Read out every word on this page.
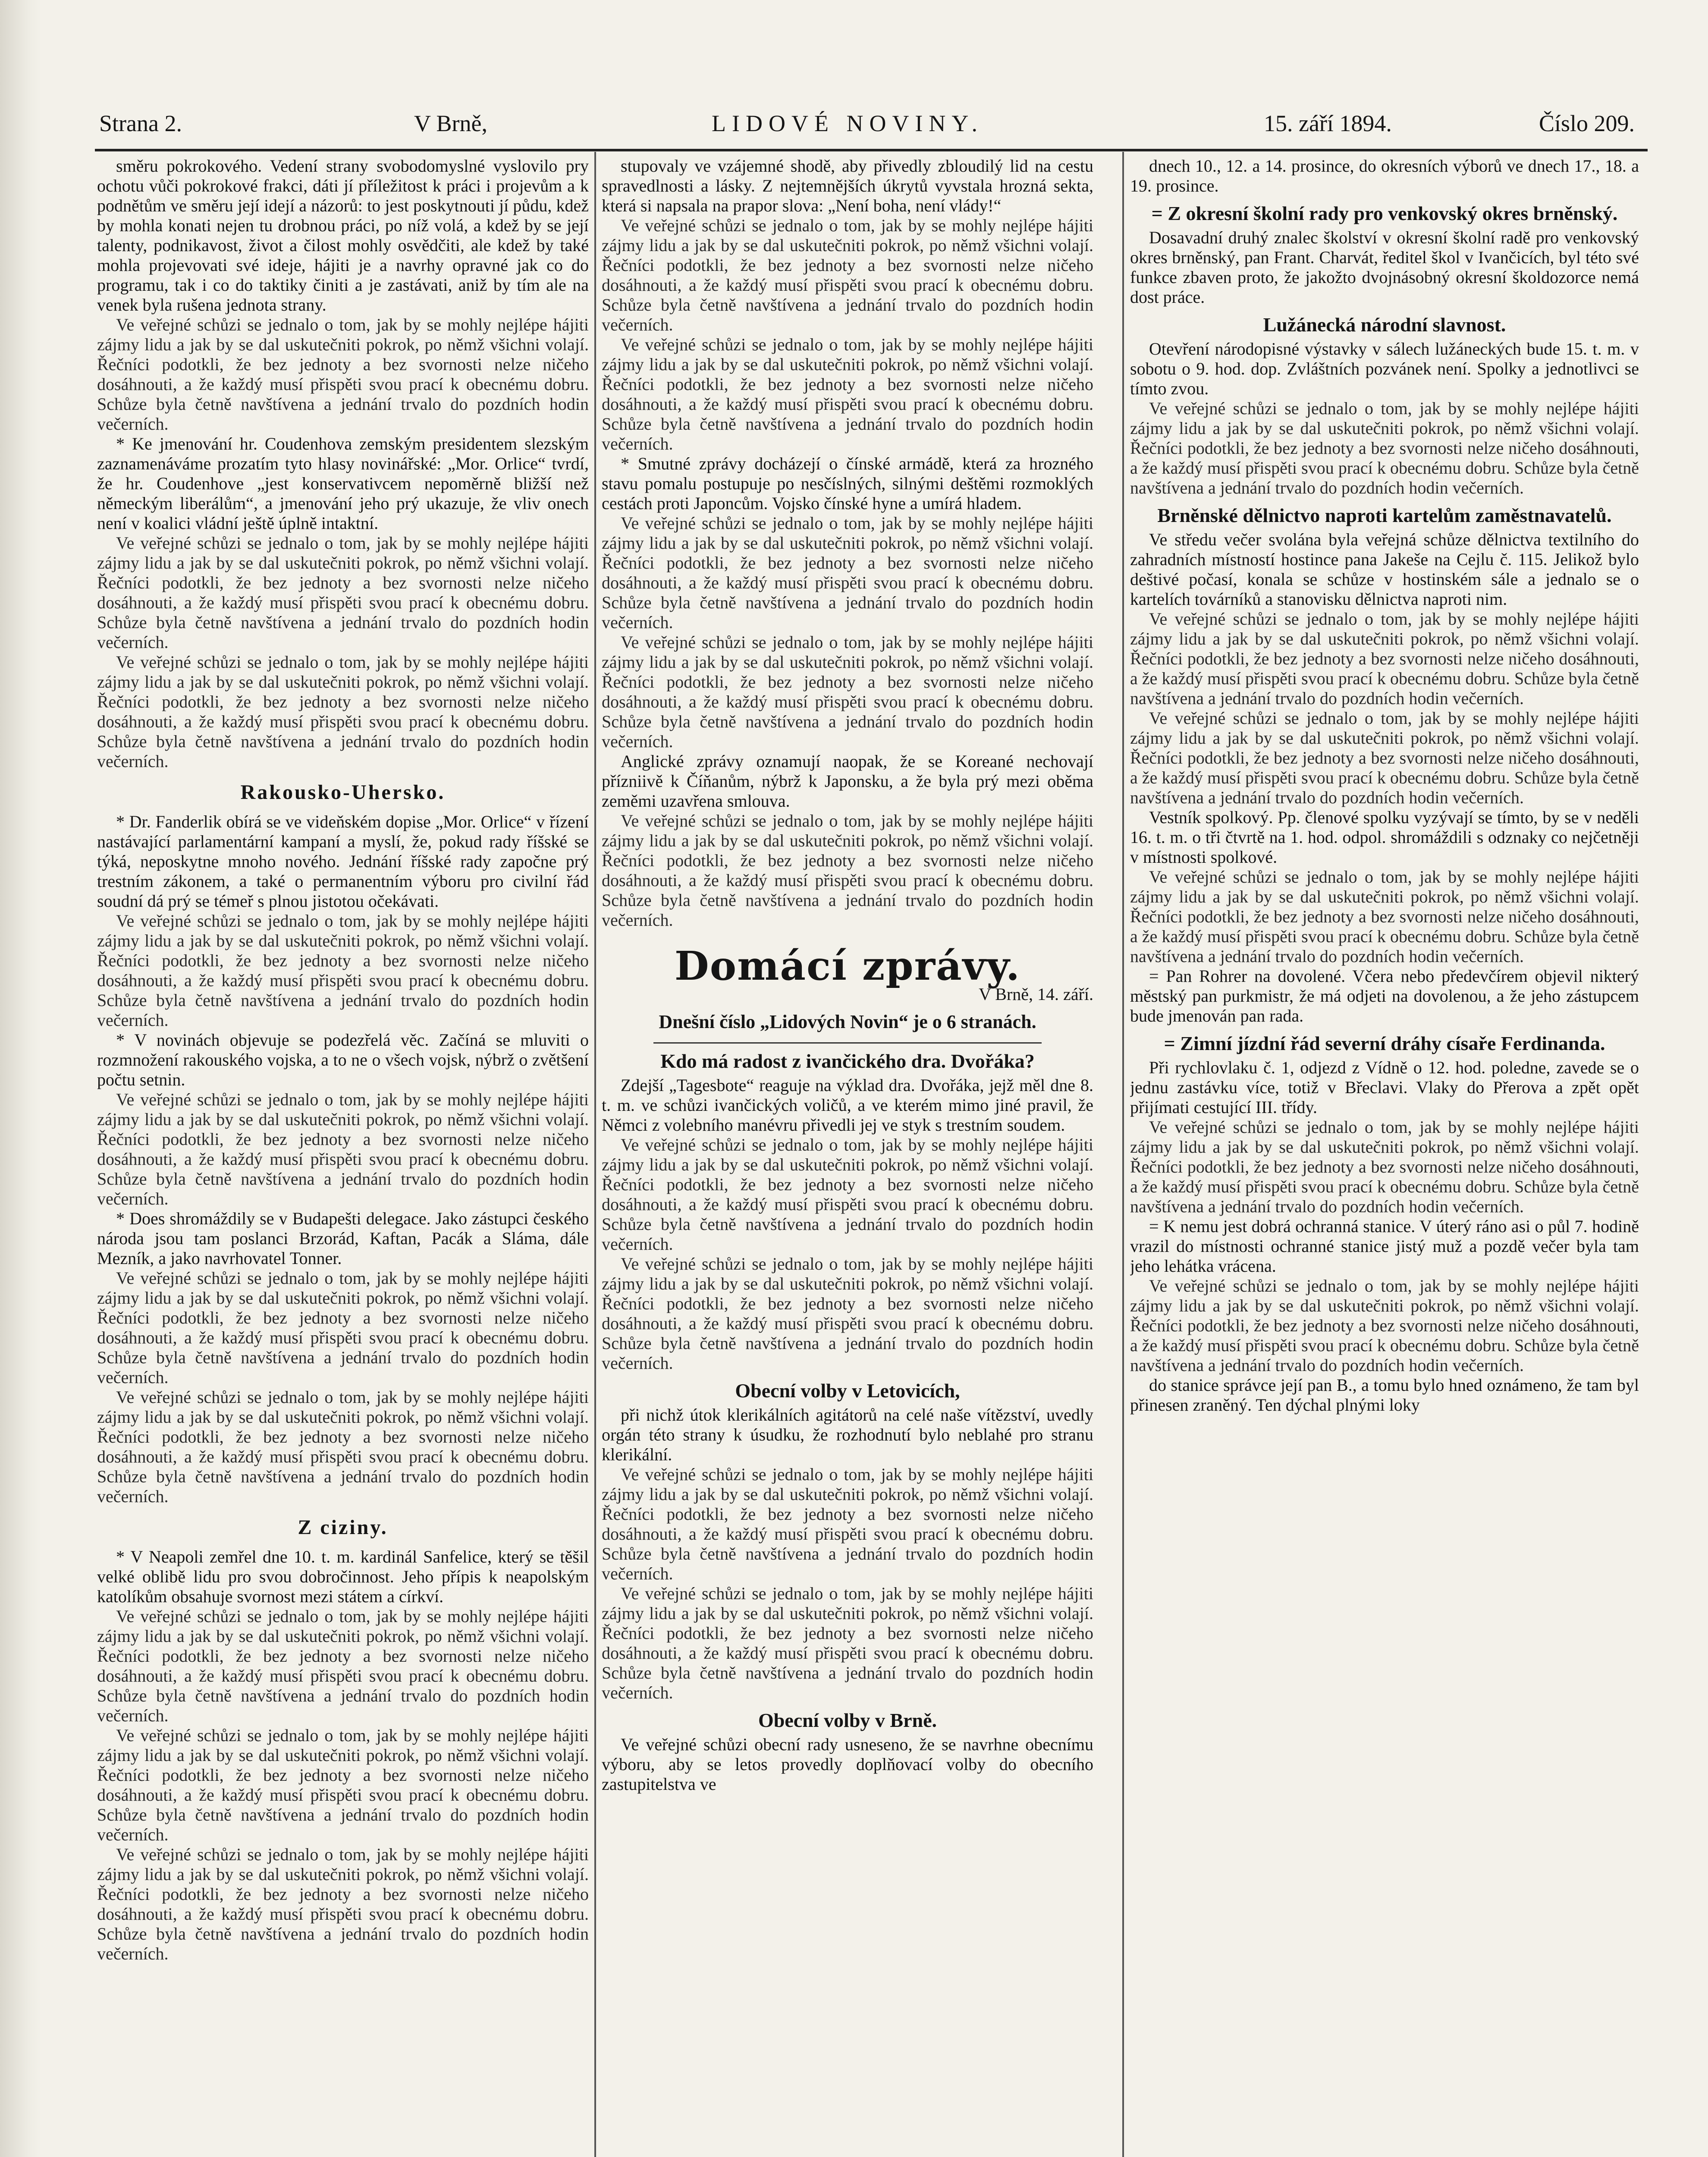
Strana 2.	V Brně,	LIDOVÉ NOVINY.	15. září 1894.	Číslo 209.

směru pokrokového. Vedení strany svobodomyslné vyslovilo pry ochotu vůči pokrokové frakci, dáti jí příležitost k práci i projevům a k podnětům ve směru její idejí a názorů: to jest poskytnouti jí půdu, kdež by mohla konati nejen tu drobnou práci, po níž volá, a kdež by se její talenty, podnikavost, život a čilost mohly osvědčiti, ale kdež by také mohla projevovati své ideje, hájiti je a navrhy opravné jak co do programu, tak i co do taktiky činiti a je zastávati, aniž by tím ale na venek byla rušena jednota strany.

Ve veřejné schůzi se jednalo o tom, jak by se mohly nejlépe hájiti zájmy lidu a jak by se dal uskutečniti pokrok, po němž všichni volají. Řečníci podotkli, že bez jednoty a bez svornosti nelze ničeho dosáhnouti, a že každý musí přispěti svou prací k obecnému dobru. Schůze byla četně navštívena a jednání trvalo do pozdních hodin večerních.

* Ke jmenování hr. Coudenhova zemským presidentem slezským zaznamenáváme prozatím tyto hlasy novinářské: „Mor. Orlice“ tvrdí, že hr. Coudenhove „jest konservativcem nepoměrně bližší než německým liberálům“, a jmenování jeho prý ukazuje, že vliv onech není v koalici vládní ještě úplně intaktní.

Ve veřejné schůzi se jednalo o tom, jak by se mohly nejlépe hájiti zájmy lidu a jak by se dal uskutečniti pokrok, po němž všichni volají. Řečníci podotkli, že bez jednoty a bez svornosti nelze ničeho dosáhnouti, a že každý musí přispěti svou prací k obecnému dobru. Schůze byla četně navštívena a jednání trvalo do pozdních hodin večerních.

Ve veřejné schůzi se jednalo o tom, jak by se mohly nejlépe hájiti zájmy lidu a jak by se dal uskutečniti pokrok, po němž všichni volají. Řečníci podotkli, že bez jednoty a bez svornosti nelze ničeho dosáhnouti, a že každý musí přispěti svou prací k obecnému dobru. Schůze byla četně navštívena a jednání trvalo do pozdních hodin večerních.

Rakousko-Uhersko.

* Dr. Fanderlik obírá se ve videňském dopise „Mor. Orlice“ v řízení nastávající parlamentární kampaní a myslí, že, pokud rady říšské se týká, neposkytne mnoho nového. Jednání říšské rady započne prý trestním zákonem, a také o permanentním výboru pro civilní řád soudní dá prý se témeř s plnou jistotou očekávati.

Ve veřejné schůzi se jednalo o tom, jak by se mohly nejlépe hájiti zájmy lidu a jak by se dal uskutečniti pokrok, po němž všichni volají. Řečníci podotkli, že bez jednoty a bez svornosti nelze ničeho dosáhnouti, a že každý musí přispěti svou prací k obecnému dobru. Schůze byla četně navštívena a jednání trvalo do pozdních hodin večerních.

* V novinách objevuje se podezřelá věc. Začíná se mluviti o rozmnožení rakouského vojska, a to ne o všech vojsk, nýbrž o zvětšení počtu setnin.

Ve veřejné schůzi se jednalo o tom, jak by se mohly nejlépe hájiti zájmy lidu a jak by se dal uskutečniti pokrok, po němž všichni volají. Řečníci podotkli, že bez jednoty a bez svornosti nelze ničeho dosáhnouti, a že každý musí přispěti svou prací k obecnému dobru. Schůze byla četně navštívena a jednání trvalo do pozdních hodin večerních.

* Does shromáždily se v Budapešti delegace. Jako zástupci českého národa jsou tam poslanci Brzorád, Kaftan, Pacák a Sláma, dále Mezník, a jako navrhovatel Tonner.

Ve veřejné schůzi se jednalo o tom, jak by se mohly nejlépe hájiti zájmy lidu a jak by se dal uskutečniti pokrok, po němž všichni volají. Řečníci podotkli, že bez jednoty a bez svornosti nelze ničeho dosáhnouti, a že každý musí přispěti svou prací k obecnému dobru. Schůze byla četně navštívena a jednání trvalo do pozdních hodin večerních.

Ve veřejné schůzi se jednalo o tom, jak by se mohly nejlépe hájiti zájmy lidu a jak by se dal uskutečniti pokrok, po němž všichni volají. Řečníci podotkli, že bez jednoty a bez svornosti nelze ničeho dosáhnouti, a že každý musí přispěti svou prací k obecnému dobru. Schůze byla četně navštívena a jednání trvalo do pozdních hodin večerních.

Z ciziny.

* V Neapoli zemřel dne 10. t. m. kardinál Sanfelice, který se těšil velké oblibě lidu pro svou dobročinnost. Jeho přípis k neapolským katolíkům obsahuje svornost mezi státem a církví.

Ve veřejné schůzi se jednalo o tom, jak by se mohly nejlépe hájiti zájmy lidu a jak by se dal uskutečniti pokrok, po němž všichni volají. Řečníci podotkli, že bez jednoty a bez svornosti nelze ničeho dosáhnouti, a že každý musí přispěti svou prací k obecnému dobru. Schůze byla četně navštívena a jednání trvalo do pozdních hodin večerních.

Ve veřejné schůzi se jednalo o tom, jak by se mohly nejlépe hájiti zájmy lidu a jak by se dal uskutečniti pokrok, po němž všichni volají. Řečníci podotkli, že bez jednoty a bez svornosti nelze ničeho dosáhnouti, a že každý musí přispěti svou prací k obecnému dobru. Schůze byla četně navštívena a jednání trvalo do pozdních hodin večerních.

Ve veřejné schůzi se jednalo o tom, jak by se mohly nejlépe hájiti zájmy lidu a jak by se dal uskutečniti pokrok, po němž všichni volají. Řečníci podotkli, že bez jednoty a bez svornosti nelze ničeho dosáhnouti, a že každý musí přispěti svou prací k obecnému dobru. Schůze byla četně navštívena a jednání trvalo do pozdních hodin večerních.

stupovaly ve vzájemné shodě, aby přivedly zbloudilý lid na cestu spravedlnosti a lásky. Z nejtemnějších úkrytů vyvstala hrozná sekta, která si napsala na prapor slova: „Není boha, není vlády!“

Ve veřejné schůzi se jednalo o tom, jak by se mohly nejlépe hájiti zájmy lidu a jak by se dal uskutečniti pokrok, po němž všichni volají. Řečníci podotkli, že bez jednoty a bez svornosti nelze ničeho dosáhnouti, a že každý musí přispěti svou prací k obecnému dobru. Schůze byla četně navštívena a jednání trvalo do pozdních hodin večerních.

Ve veřejné schůzi se jednalo o tom, jak by se mohly nejlépe hájiti zájmy lidu a jak by se dal uskutečniti pokrok, po němž všichni volají. Řečníci podotkli, že bez jednoty a bez svornosti nelze ničeho dosáhnouti, a že každý musí přispěti svou prací k obecnému dobru. Schůze byla četně navštívena a jednání trvalo do pozdních hodin večerních.

* Smutné zprávy docházejí o čínské armádě, která za hrozného stavu pomalu postupuje po nesčíslných, silnými deštěmi rozmoklých cestách proti Japoncům. Vojsko čínské hyne a umírá hladem.

Ve veřejné schůzi se jednalo o tom, jak by se mohly nejlépe hájiti zájmy lidu a jak by se dal uskutečniti pokrok, po němž všichni volají. Řečníci podotkli, že bez jednoty a bez svornosti nelze ničeho dosáhnouti, a že každý musí přispěti svou prací k obecnému dobru. Schůze byla četně navštívena a jednání trvalo do pozdních hodin večerních.

Ve veřejné schůzi se jednalo o tom, jak by se mohly nejlépe hájiti zájmy lidu a jak by se dal uskutečniti pokrok, po němž všichni volají. Řečníci podotkli, že bez jednoty a bez svornosti nelze ničeho dosáhnouti, a že každý musí přispěti svou prací k obecnému dobru. Schůze byla četně navštívena a jednání trvalo do pozdních hodin večerních.

Anglické zprávy oznamují naopak, že se Koreané nechovají přízniivě k Číňanům, nýbrž k Japonsku, a že byla prý mezi oběma zeměmi uzavřena smlouva.

Ve veřejné schůzi se jednalo o tom, jak by se mohly nejlépe hájiti zájmy lidu a jak by se dal uskutečniti pokrok, po němž všichni volají. Řečníci podotkli, že bez jednoty a bez svornosti nelze ničeho dosáhnouti, a že každý musí přispěti svou prací k obecnému dobru. Schůze byla četně navštívena a jednání trvalo do pozdních hodin večerních.

Domácí zprávy.
V Brně, 14. září.
Dnešní číslo „Lidových Novin“ je o 6 stranách.
Kdo má radost z ivančického dra. Dvořáka?

Zdejší „Tagesbote“ reaguje na výklad dra. Dvořáka, jejž měl dne 8. t. m. ve schůzi ivančických voličů, a ve kterém mimo jiné pravil, že Němci z volebního manévru přivedli jej ve styk s trestním soudem.

Ve veřejné schůzi se jednalo o tom, jak by se mohly nejlépe hájiti zájmy lidu a jak by se dal uskutečniti pokrok, po němž všichni volají. Řečníci podotkli, že bez jednoty a bez svornosti nelze ničeho dosáhnouti, a že každý musí přispěti svou prací k obecnému dobru. Schůze byla četně navštívena a jednání trvalo do pozdních hodin večerních.

Ve veřejné schůzi se jednalo o tom, jak by se mohly nejlépe hájiti zájmy lidu a jak by se dal uskutečniti pokrok, po němž všichni volají. Řečníci podotkli, že bez jednoty a bez svornosti nelze ničeho dosáhnouti, a že každý musí přispěti svou prací k obecnému dobru. Schůze byla četně navštívena a jednání trvalo do pozdních hodin večerních.

Obecní volby v Letovicích,

při nichž útok klerikálních agitátorů na celé naše vítězství, uvedly orgán této strany k úsudku, že rozhodnutí bylo neblahé pro stranu klerikální.

Ve veřejné schůzi se jednalo o tom, jak by se mohly nejlépe hájiti zájmy lidu a jak by se dal uskutečniti pokrok, po němž všichni volají. Řečníci podotkli, že bez jednoty a bez svornosti nelze ničeho dosáhnouti, a že každý musí přispěti svou prací k obecnému dobru. Schůze byla četně navštívena a jednání trvalo do pozdních hodin večerních.

Ve veřejné schůzi se jednalo o tom, jak by se mohly nejlépe hájiti zájmy lidu a jak by se dal uskutečniti pokrok, po němž všichni volají. Řečníci podotkli, že bez jednoty a bez svornosti nelze ničeho dosáhnouti, a že každý musí přispěti svou prací k obecnému dobru. Schůze byla četně navštívena a jednání trvalo do pozdních hodin večerních.

Obecní volby v Brně.

Ve veřejné schůzi obecní rady usneseno, že se navrhne obecnímu výboru, aby se letos provedly doplňovací volby do obecního zastupitelstva ve

dnech 10., 12. a 14. prosince, do okresních výborů ve dnech 17., 18. a 19. prosince.

= Z okresní školní rady pro venkovský okres brněnský.

Dosavadní druhý znalec školství v okresní školní radě pro venkovský okres brněnský, pan Frant. Charvát, ředitel škol v Ivančicích, byl této své funkce zbaven proto, že jakožto dvojnásobný okresní školdozorce nemá dost práce.

Lužánecká národní slavnost.

Otevření národopisné výstavky v sálech lužáneckých bude 15. t. m. v sobotu o 9. hod. dop. Zvláštních pozvánek není. Spolky a jednotlivci se tímto zvou.

Ve veřejné schůzi se jednalo o tom, jak by se mohly nejlépe hájiti zájmy lidu a jak by se dal uskutečniti pokrok, po němž všichni volají. Řečníci podotkli, že bez jednoty a bez svornosti nelze ničeho dosáhnouti, a že každý musí přispěti svou prací k obecnému dobru. Schůze byla četně navštívena a jednání trvalo do pozdních hodin večerních.

Brněnské dělnictvo naproti kartelům zaměstnavatelů.

Ve středu večer svolána byla veřejná schůze dělnictva textilního do zahradních místností hostince pana Jakeše na Cejlu č. 115. Jelikož bylo deštivé počasí, konala se schůze v hostinském sále a jednalo se o kartelích továrníků a stanovisku dělnictva naproti nim.

Ve veřejné schůzi se jednalo o tom, jak by se mohly nejlépe hájiti zájmy lidu a jak by se dal uskutečniti pokrok, po němž všichni volají. Řečníci podotkli, že bez jednoty a bez svornosti nelze ničeho dosáhnouti, a že každý musí přispěti svou prací k obecnému dobru. Schůze byla četně navštívena a jednání trvalo do pozdních hodin večerních.

Ve veřejné schůzi se jednalo o tom, jak by se mohly nejlépe hájiti zájmy lidu a jak by se dal uskutečniti pokrok, po němž všichni volají. Řečníci podotkli, že bez jednoty a bez svornosti nelze ničeho dosáhnouti, a že každý musí přispěti svou prací k obecnému dobru. Schůze byla četně navštívena a jednání trvalo do pozdních hodin večerních.

Vestník spolkový. Pp. členové spolku vyzývají se tímto, by se v neděli 16. t. m. o tři čtvrtě na 1. hod. odpol. shromáždili s odznaky co nejčetněji v místnosti spolkové.

Ve veřejné schůzi se jednalo o tom, jak by se mohly nejlépe hájiti zájmy lidu a jak by se dal uskutečniti pokrok, po němž všichni volají. Řečníci podotkli, že bez jednoty a bez svornosti nelze ničeho dosáhnouti, a že každý musí přispěti svou prací k obecnému dobru. Schůze byla četně navštívena a jednání trvalo do pozdních hodin večerních.

= Pan Rohrer na dovolené. Včera nebo předevčírem objevil nikterý městský pan purkmistr, že má odjeti na dovolenou, a že jeho zástupcem bude jmenován pan rada.

= Zimní jízdní řád severní dráhy císaře Ferdinanda.

Při rychlovlaku č. 1, odjezd z Vídně o 12. hod. poledne, zavede se o jednu zastávku více, totiž v Břeclavi. Vlaky do Přerova a zpět opět přijímati cestující III. třídy.

Ve veřejné schůzi se jednalo o tom, jak by se mohly nejlépe hájiti zájmy lidu a jak by se dal uskutečniti pokrok, po němž všichni volají. Řečníci podotkli, že bez jednoty a bez svornosti nelze ničeho dosáhnouti, a že každý musí přispěti svou prací k obecnému dobru. Schůze byla četně navštívena a jednání trvalo do pozdních hodin večerních.

= K nemu jest dobrá ochranná stanice. V úterý ráno asi o půl 7. hodině vrazil do místnosti ochranné stanice jistý muž a pozdě večer byla tam jeho lehátka vrácena.

Ve veřejné schůzi se jednalo o tom, jak by se mohly nejlépe hájiti zájmy lidu a jak by se dal uskutečniti pokrok, po němž všichni volají. Řečníci podotkli, že bez jednoty a bez svornosti nelze ničeho dosáhnouti, a že každý musí přispěti svou prací k obecnému dobru. Schůze byla četně navštívena a jednání trvalo do pozdních hodin večerních.

do stanice správce její pan B., a tomu bylo hned oznámeno, že tam byl přinesen zraněný. Ten dýchal plnými loky
